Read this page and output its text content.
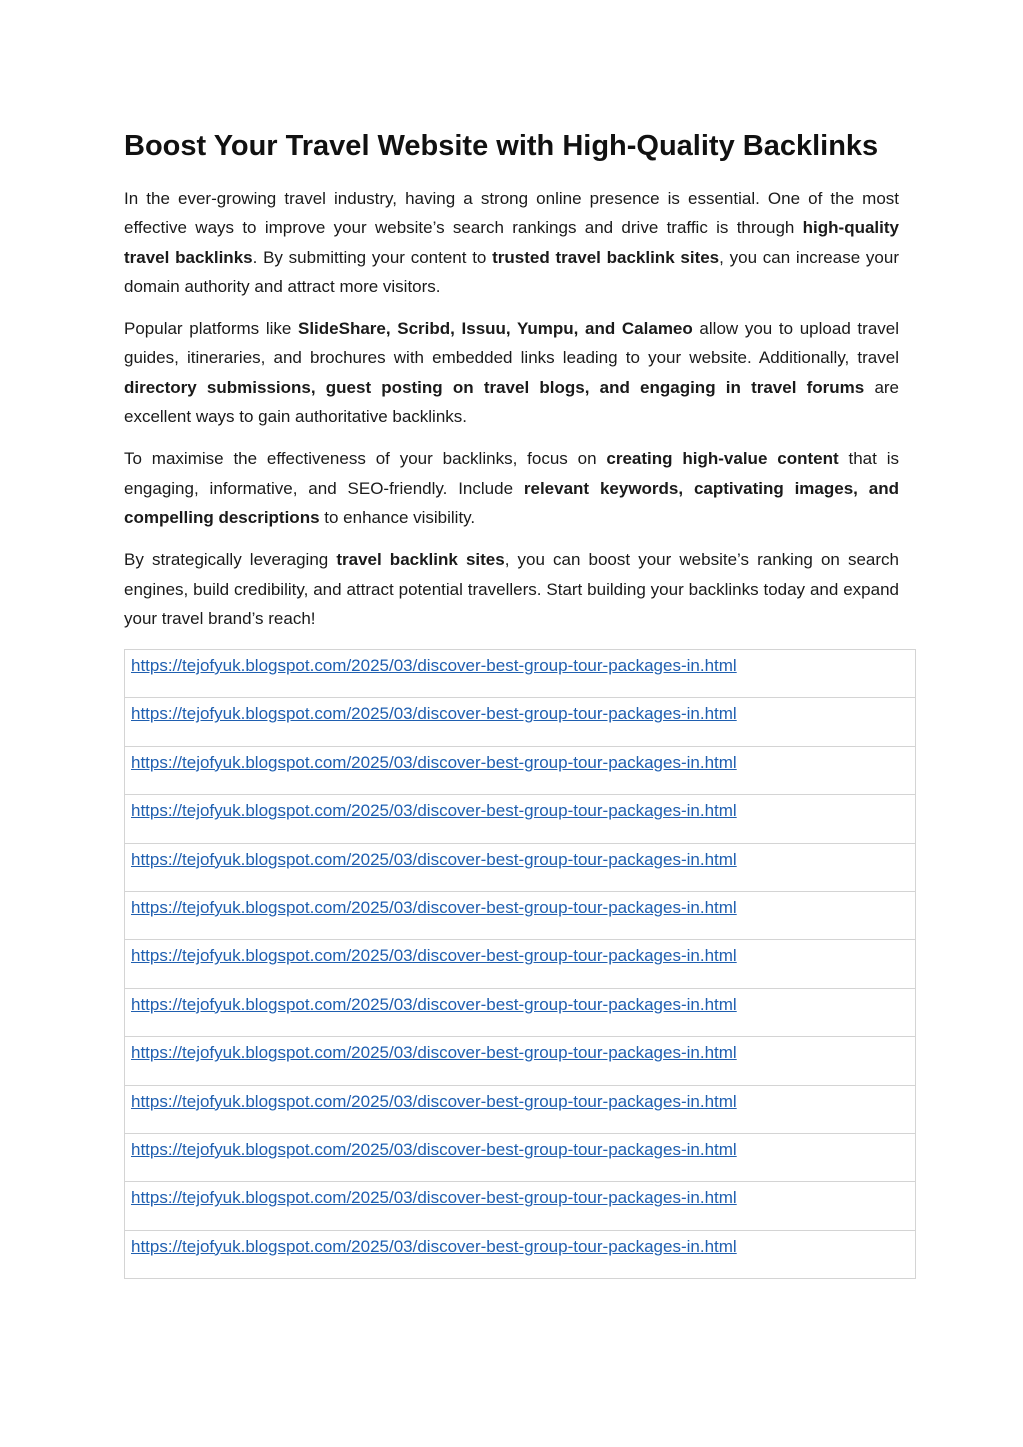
Boost Your Travel Website with High-Quality Backlinks

In the ever-growing travel industry, having a strong online presence is essential. One of the most effective ways to improve your website’s search rankings and drive traffic is through high-quality travel backlinks. By submitting your content to trusted travel backlink sites, you can increase your domain authority and attract more visitors.

Popular platforms like SlideShare, Scribd, Issuu, Yumpu, and Calameo allow you to upload travel guides, itineraries, and brochures with embedded links leading to your website. Additionally, travel directory submissions, guest posting on travel blogs, and engaging in travel forums are excellent ways to gain authoritative backlinks.

To maximise the effectiveness of your backlinks, focus on creating high-value content that is engaging, informative, and SEO-friendly. Include relevant keywords, captivating images, and compelling descriptions to enhance visibility.

By strategically leveraging travel backlink sites, you can boost your website’s ranking on search engines, build credibility, and attract potential travellers. Start building your backlinks today and expand your travel brand’s reach!

https://tejofyuk.blogspot.com/2025/03/discover-best-group-tour-packages-in.html
https://tejofyuk.blogspot.com/2025/03/discover-best-group-tour-packages-in.html
https://tejofyuk.blogspot.com/2025/03/discover-best-group-tour-packages-in.html
https://tejofyuk.blogspot.com/2025/03/discover-best-group-tour-packages-in.html
https://tejofyuk.blogspot.com/2025/03/discover-best-group-tour-packages-in.html
https://tejofyuk.blogspot.com/2025/03/discover-best-group-tour-packages-in.html
https://tejofyuk.blogspot.com/2025/03/discover-best-group-tour-packages-in.html
https://tejofyuk.blogspot.com/2025/03/discover-best-group-tour-packages-in.html
https://tejofyuk.blogspot.com/2025/03/discover-best-group-tour-packages-in.html
https://tejofyuk.blogspot.com/2025/03/discover-best-group-tour-packages-in.html
https://tejofyuk.blogspot.com/2025/03/discover-best-group-tour-packages-in.html
https://tejofyuk.blogspot.com/2025/03/discover-best-group-tour-packages-in.html
https://tejofyuk.blogspot.com/2025/03/discover-best-group-tour-packages-in.html
